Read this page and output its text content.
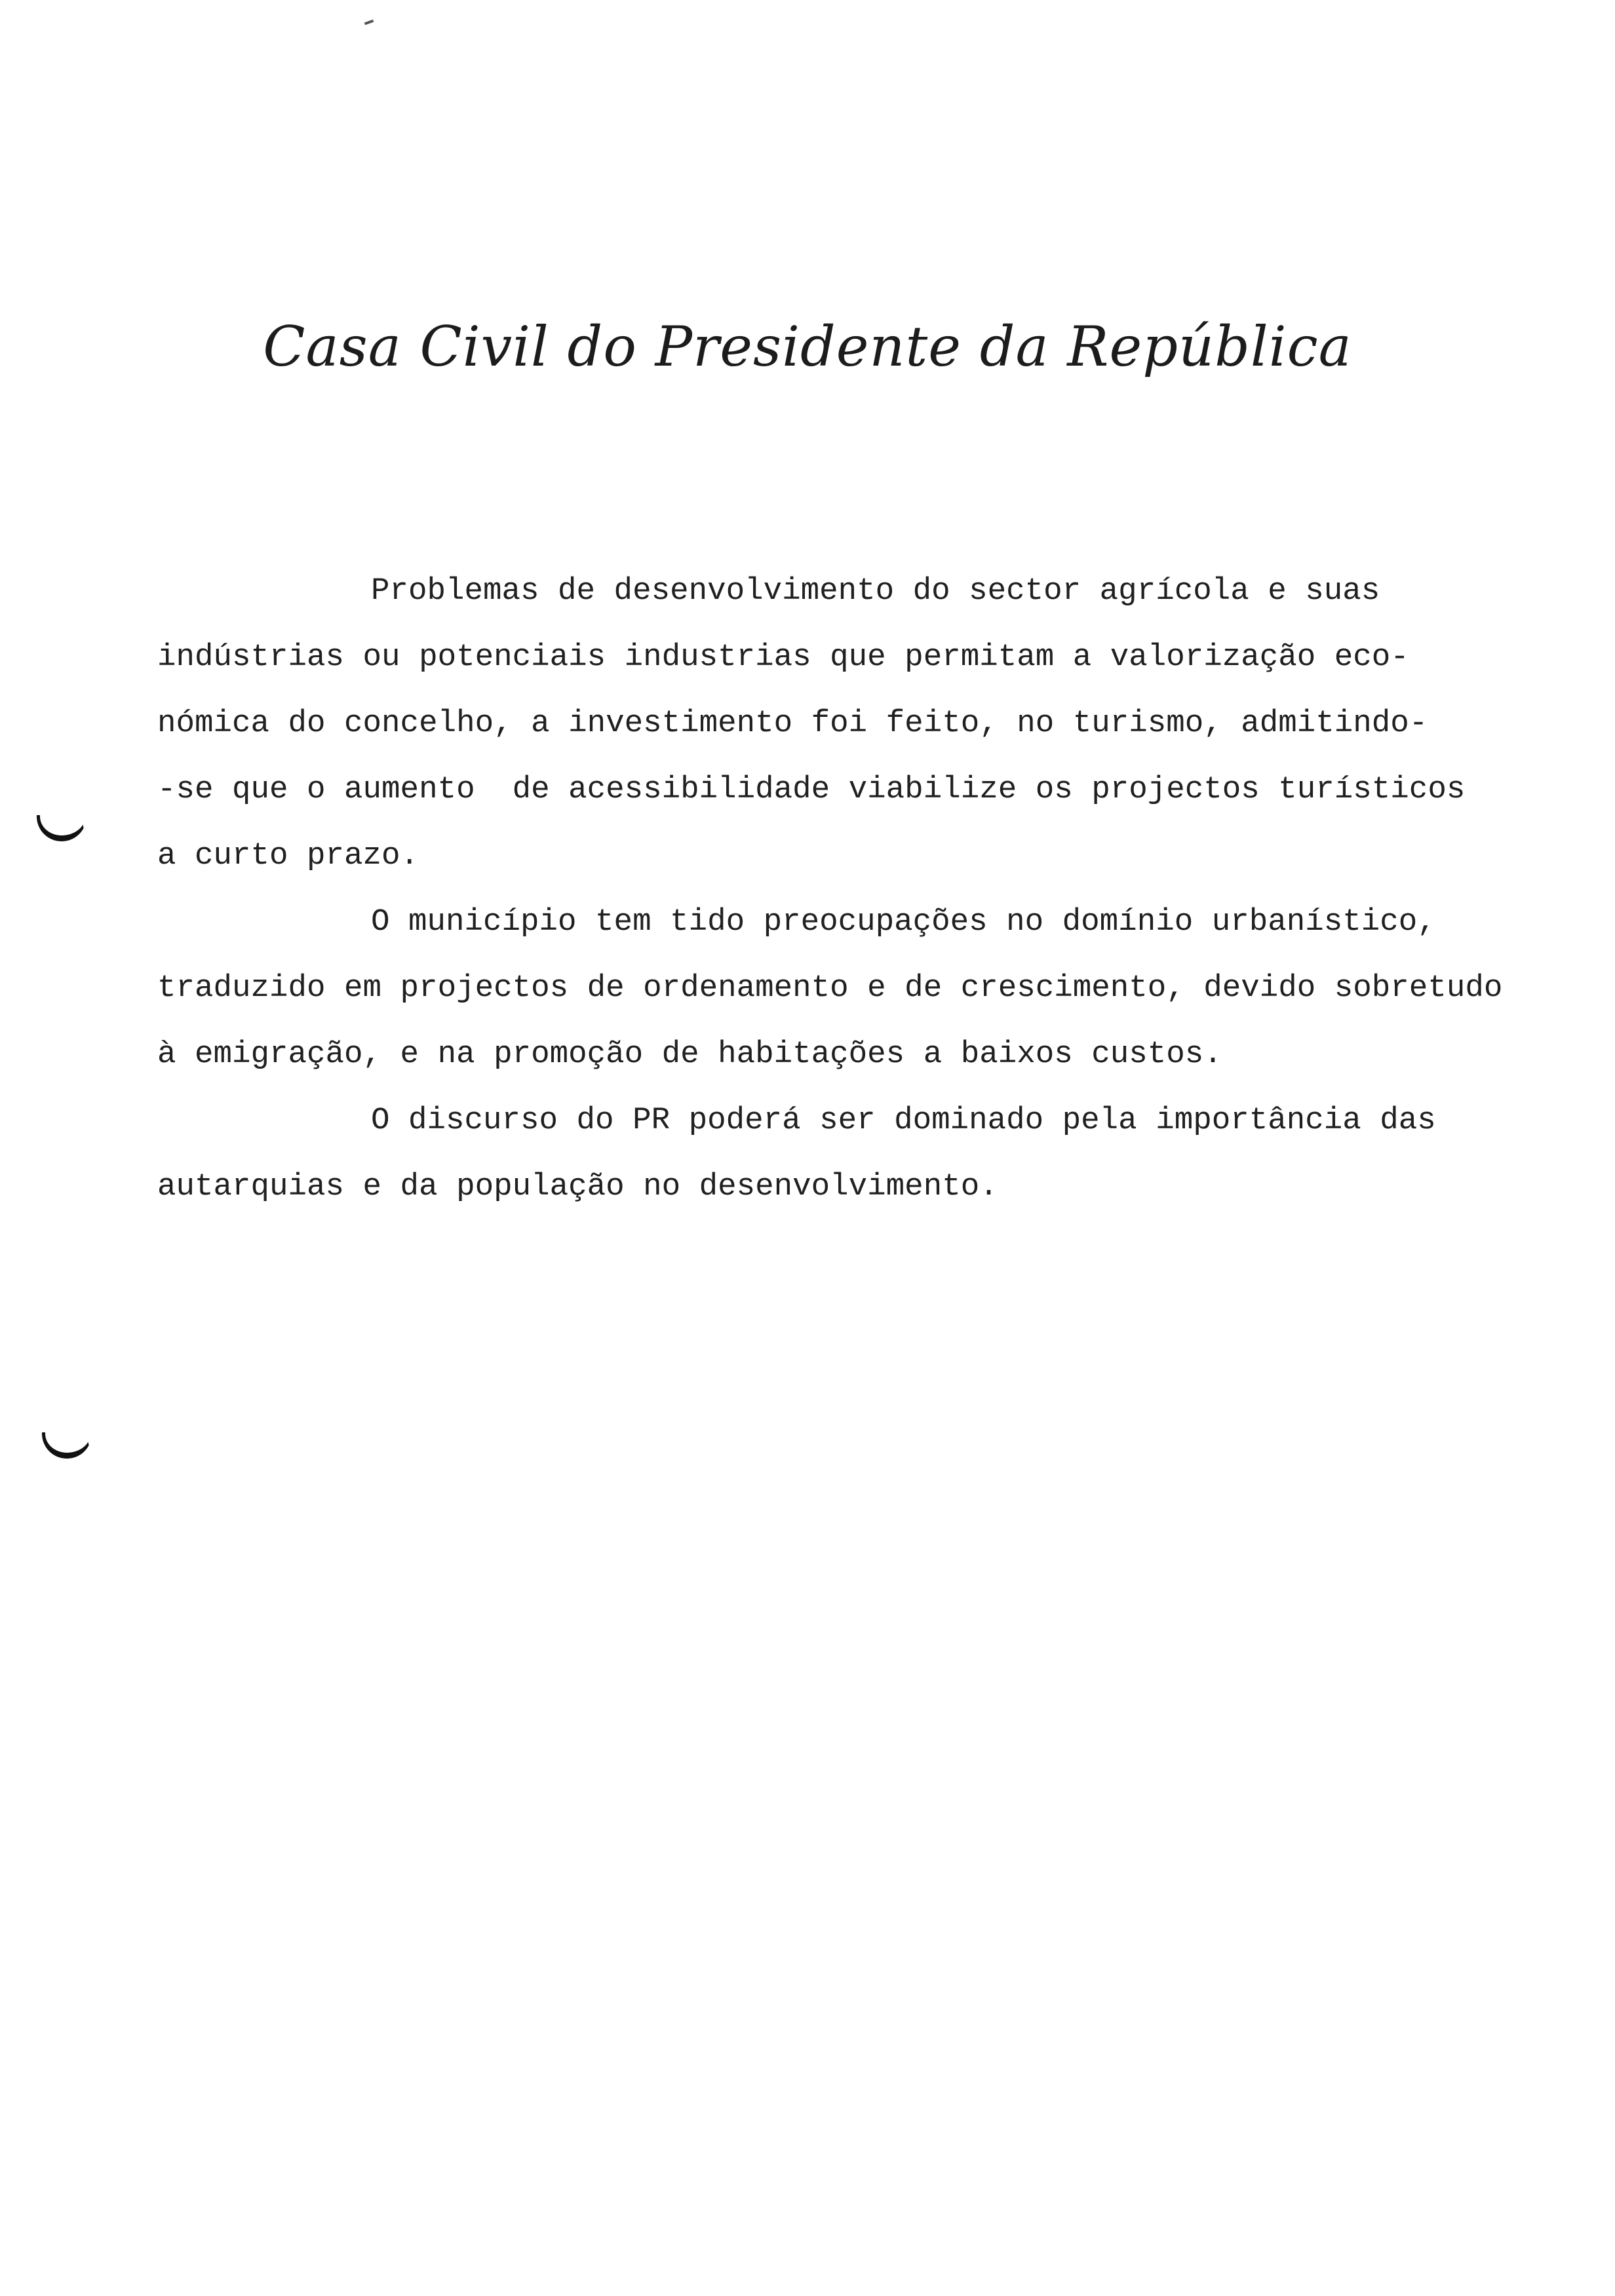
Casa Civil do Presidente da República
Problemas de desenvolvimento do sector agrícola e suas
indústrias ou potenciais industrias que permitam a valorização eco-
nómica do concelho, a investimento foi feito, no turismo, admitindo-
-se que o aumento  de acessibilidade viabilize os projectos turísticos
a curto prazo.
O município tem tido preocupações no domínio urbanístico,
traduzido em projectos de ordenamento e de crescimento, devido sobretudo
à emigração, e na promoção de habitações a baixos custos.
O discurso do PR poderá ser dominado pela importância das
autarquias e da população no desenvolvimento.
